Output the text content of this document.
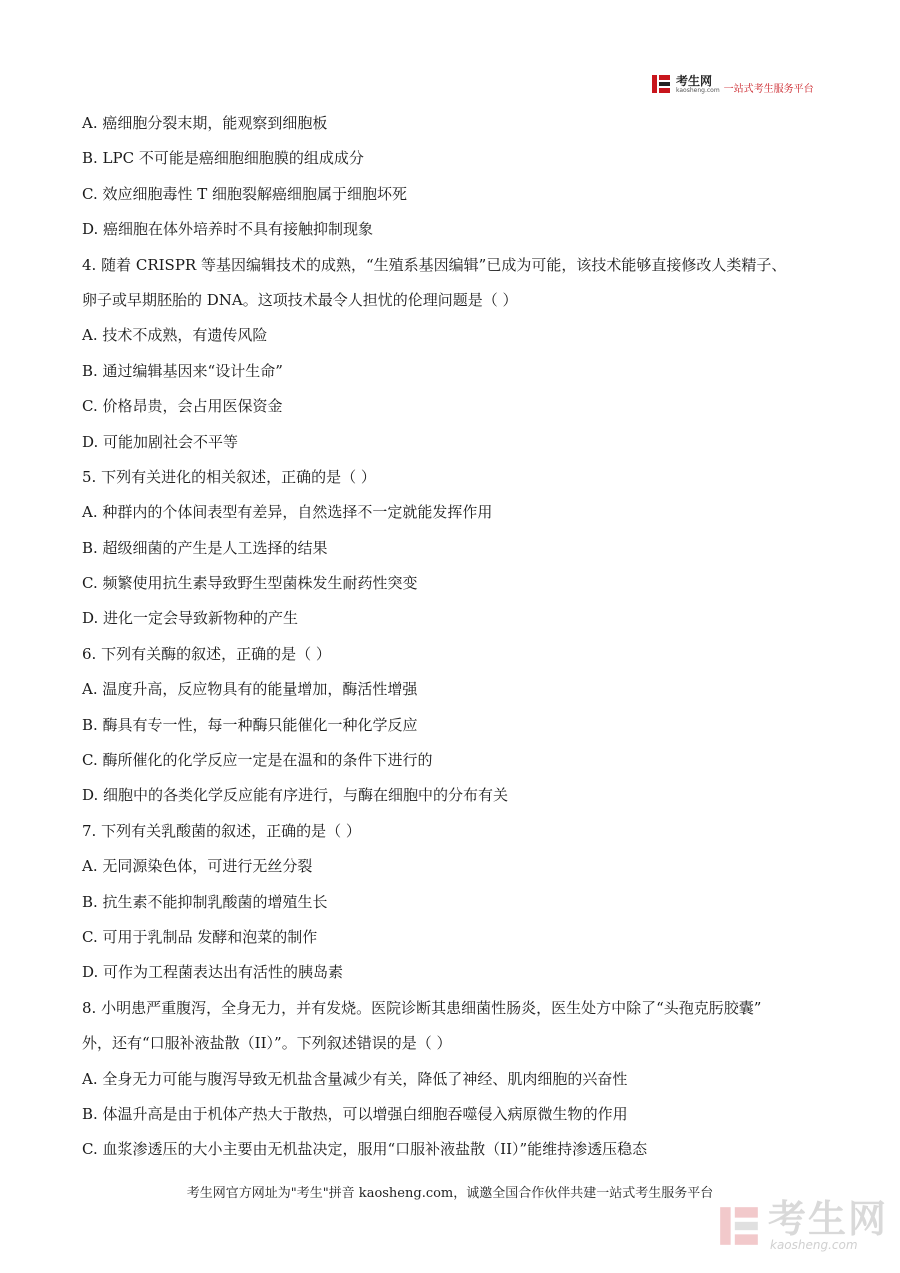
考生网
kaosheng.com 一站式考生服务平台
A. 癌细胞分裂末期，能观察到细胞板
B. LPC 不可能是癌细胞细胞膜的组成成分
C. 效应细胞毒性 T 细胞裂解癌细胞属于细胞坏死
D. 癌细胞在体外培养时不具有接触抑制现象
4. 随着 CRISPR 等基因编辑技术的成熟，“生殖系基因编辑”已成为可能，该技术能够直接修改人类精子、
卵子或早期胚胎的 DNA。这项技术最令人担忧的伦理问题是（ ）
A. 技术不成熟，有遗传风险
B. 通过编辑基因来“设计生命”
C. 价格昂贵，会占用医保资金
D. 可能加剧社会不平等
5. 下列有关进化的相关叙述，正确的是（ ）
A. 种群内的个体间表型有差异，自然选择不一定就能发挥作用
B. 超级细菌的产生是人工选择的结果
C. 频繁使用抗生素导致野生型菌株发生耐药性突变
D. 进化一定会导致新物种的产生
6. 下列有关酶的叙述，正确的是（ ）
A. 温度升高，反应物具有的能量增加，酶活性增强
B. 酶具有专一性，每一种酶只能催化一种化学反应
C. 酶所催化的化学反应一定是在温和的条件下进行的
D. 细胞中的各类化学反应能有序进行，与酶在细胞中的分布有关
7. 下列有关乳酸菌的叙述，正确的是（ ）
A. 无同源染色体，可进行无丝分裂
B. 抗生素不能抑制乳酸菌的增殖生长
C. 可用于乳制品 发酵和泡菜的制作
D. 可作为工程菌表达出有活性的胰岛素
8. 小明患严重腹泻，全身无力，并有发烧。医院诊断其患细菌性肠炎，医生处方中除了“头孢克肟胶囊”
外，还有“口服补液盐散（II）”。下列叙述错误的是（ ）
A. 全身无力可能与腹泻导致无机盐含量减少有关，降低了神经、肌肉细胞的兴奋性
B. 体温升高是由于机体产热大于散热，可以增强白细胞吞噬侵入病原微生物的作用
C. 血浆渗透压的大小主要由无机盐决定，服用“口服补液盐散（II）”能维持渗透压稳态
考生网官方网址为"考生"拼音 kaosheng.com，诚邀全国合作伙伴共建一站式考生服务平台
考生网
kaosheng.com
